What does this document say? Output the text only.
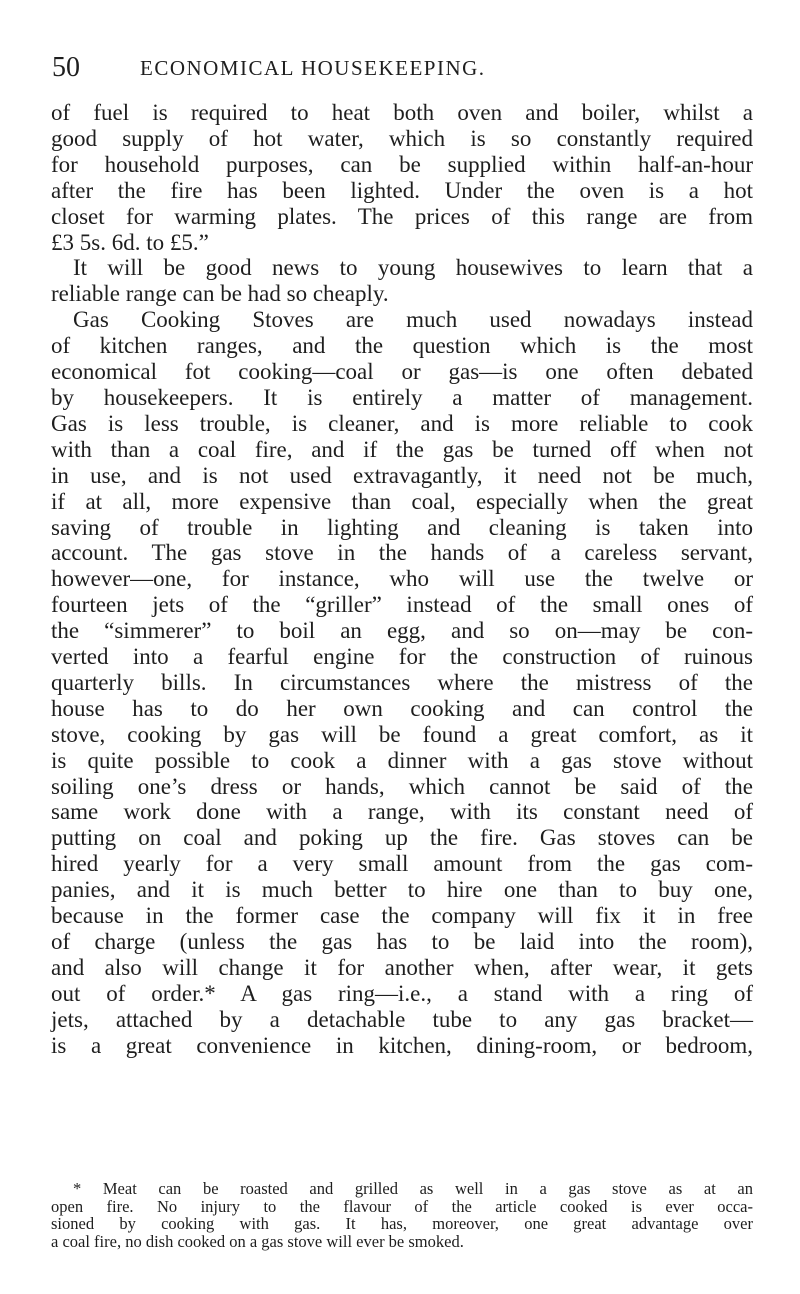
50	ECONOMICAL HOUSEKEEPING.
of fuel is required to heat both oven and boiler, whilst a
good supply of hot water, which is so constantly required
for household purposes, can be supplied within half-an-hour
after the fire has been lighted. Under the oven is a hot
closet for warming plates. The prices of this range are from
£3 5s. 6d. to £5.”
It will be good news to young housewives to learn that a
reliable range can be had so cheaply.
Gas Cooking Stoves are much used nowadays instead
of kitchen ranges, and the question which is the most
economical fot cooking—coal or gas—is one often debated
by housekeepers. It is entirely a matter of management.
Gas is less trouble, is cleaner, and is more reliable to cook
with than a coal fire, and if the gas be turned off when not
in use, and is not used extravagantly, it need not be much,
if at all, more expensive than coal, especially when the great
saving of trouble in lighting and cleaning is taken into
account. The gas stove in the hands of a careless servant,
however—one, for instance, who will use the twelve or
fourteen jets of the “griller” instead of the small ones of
the “simmerer” to boil an egg, and so on—may be con-
verted into a fearful engine for the construction of ruinous
quarterly bills. In circumstances where the mistress of the
house has to do her own cooking and can control the
stove, cooking by gas will be found a great comfort, as it
is quite possible to cook a dinner with a gas stove without
soiling one’s dress or hands, which cannot be said of the
same work done with a range, with its constant need of
putting on coal and poking up the fire. Gas stoves can be
hired yearly for a very small amount from the gas com-
panies, and it is much better to hire one than to buy one,
because in the former case the company will fix it in free
of charge (unless the gas has to be laid into the room),
and also will change it for another when, after wear, it gets
out of order.* A gas ring—i.e., a stand with a ring of
jets, attached by a detachable tube to any gas bracket—
is a great convenience in kitchen, dining-room, or bedroom,
* Meat can be roasted and grilled as well in a gas stove as at an
open fire. No injury to the flavour of the article cooked is ever occa-
sioned by cooking with gas. It has, moreover, one great advantage over
a coal fire, no dish cooked on a gas stove will ever be smoked.
